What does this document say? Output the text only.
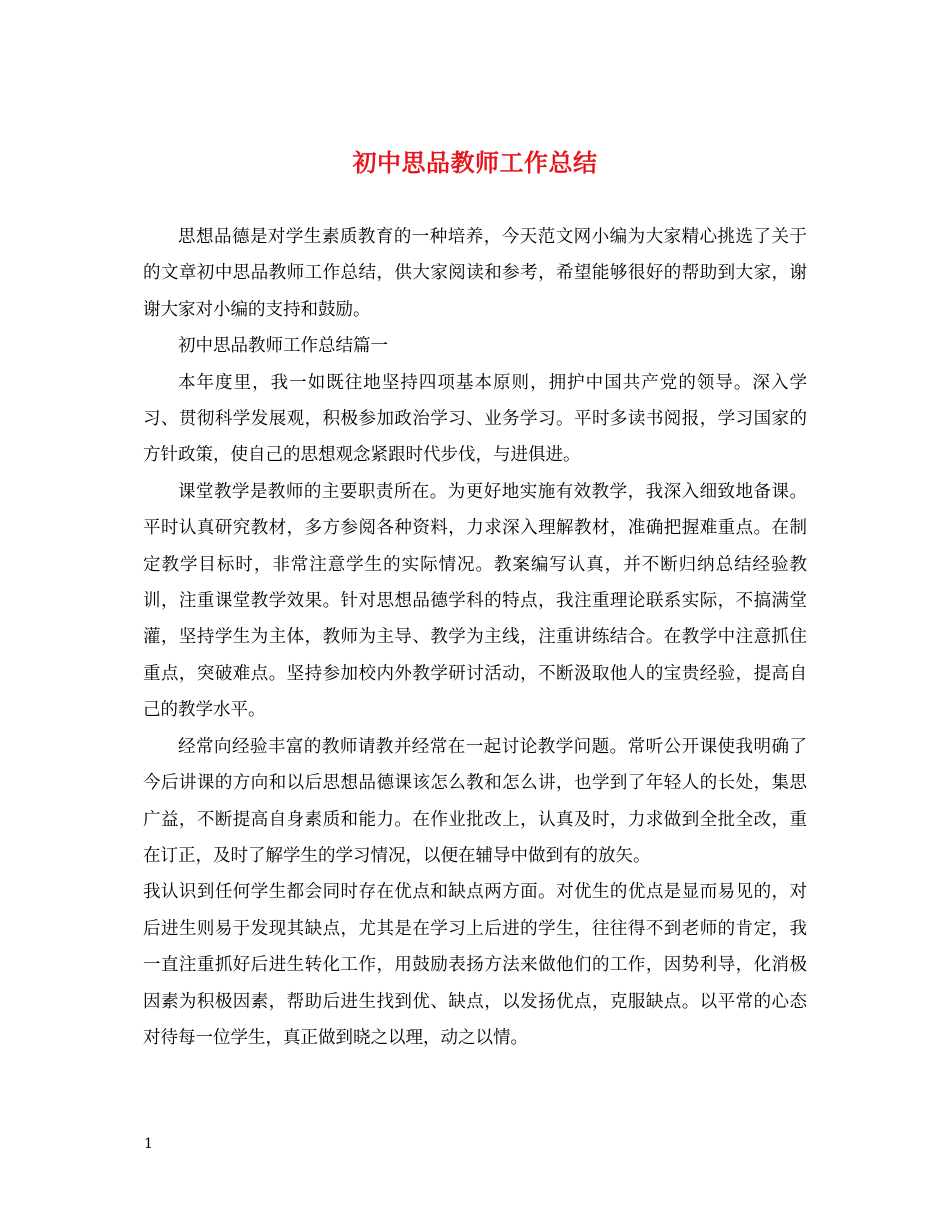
初中思品教师工作总结

思想品德是对学生素质教育的一种培养，今天范文网小编为大家精心挑选了关于的文章初中思品教师工作总结，供大家阅读和参考，希望能够很好的帮助到大家，谢谢大家对小编的支持和鼓励。

初中思品教师工作总结篇一

本年度里，我一如既往地坚持四项基本原则，拥护中国共产党的领导。深入学习、贯彻科学发展观，积极参加政治学习、业务学习。平时多读书阅报，学习国家的方针政策，使自己的思想观念紧跟时代步伐，与进俱进。

课堂教学是教师的主要职责所在。为更好地实施有效教学，我深入细致地备课。平时认真研究教材，多方参阅各种资料，力求深入理解教材，准确把握难重点。在制定教学目标时，非常注意学生的实际情况。教案编写认真，并不断归纳总结经验教训，注重课堂教学效果。针对思想品德学科的特点，我注重理论联系实际，不搞满堂灌，坚持学生为主体，教师为主导、教学为主线，注重讲练结合。在教学中注意抓住重点，突破难点。坚持参加校内外教学研讨活动，不断汲取他人的宝贵经验，提高自己的教学水平。

经常向经验丰富的教师请教并经常在一起讨论教学问题。常听公开课使我明确了今后讲课的方向和以后思想品德课该怎么教和怎么讲，也学到了年轻人的长处，集思广益，不断提高自身素质和能力。在作业批改上，认真及时，力求做到全批全改，重在订正，及时了解学生的学习情况，以便在辅导中做到有的放矢。

我认识到任何学生都会同时存在优点和缺点两方面。对优生的优点是显而易见的，对后进生则易于发现其缺点，尤其是在学习上后进的学生，往往得不到老师的肯定，我一直注重抓好后进生转化工作，用鼓励表扬方法来做他们的工作，因势利导，化消极因素为积极因素，帮助后进生找到优、缺点，以发扬优点，克服缺点。以平常的心态对待每一位学生，真正做到晓之以理，动之以情。

1
